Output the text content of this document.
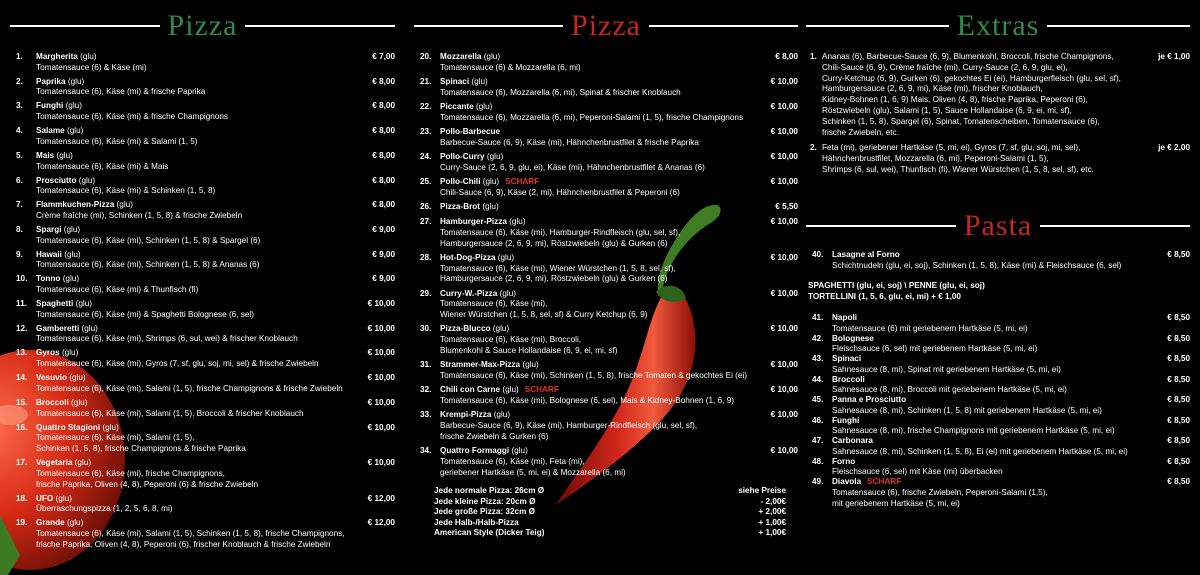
Pizza
1. Margherita (glu)	€ 7,00
Tomatensauce (6) & Käse (mi)
2. Paprika (glu)	€ 8,00
Tomatensauce (6), Käse (mi) & frische Paprika
3. Funghi (glu)	€ 8,00
Tomatensauce (6), Käse (mi) & frische Champignons
4. Salame (glu)	€ 8,00
Tomatensauce (6), Käse (mi) & Salami (1, 5)
5. Mais (glu)	€ 8,00
Tomatensauce (6), Käse (mi) & Mais
6. Prosciutto (glu)	€ 8,00
Tomatensauce (6), Käse (mi) & Schinken (1, 5, 8)
7. Flammkuchen-Pizza (glu)	€ 8,00
Crème fraîche (mi), Schinken (1, 5, 8) & frische Zwiebeln
8. Spargi (glu)	€ 9,00
Tomatensauce (6), Käse (mi), Schinken (1, 5, 8) & Spargel (6)
9. Hawaii (glu)	€ 9,00
Tomatensauce (6), Käse (mi), Schinken (1, 5, 8) & Ananas (6)
10. Tonno (glu)	€ 9,00
Tomatensauce (6), Käse (mi) & Thunfisch (fi)
11. Spaghetti (glu)	€ 10,00
Tomatensauce (6), Käse (mi) & Spaghetti Bolognese (6, sel)
12. Gamberetti (glu)	€ 10,00
Tomatensauce (6), Käse (mi), Shrimps (6, sul, wei) & frischer Knoblauch
13. Gyros (glu)	€ 10,00
Tomatensauce (6), Käse (mi), Gyros (7, sf, glu, soj, mi, sel) & frische Zwiebeln
14. Vesuvio (glu)	€ 10,00
Tomatensauce (6), Käse (mi), Salami (1, 5), frische Champignons & frische Zwiebeln
15. Broccoli (glu)	€ 10,00
Tomatensauce (6), Käse (mi), Salami (1, 5), Broccoli & frischer Knoblauch
16. Quattro Stagioni (glu)	€ 10,00
Tomatensauce (6), Käse (mi), Salami (1, 5),
Schinken (1, 5, 8), frische Champignons & frische Paprika
17. Vegetaria (glu)	€ 10,00
Tomatensauce (6), Käse (mi), frische Champignons,
frische Paprika, Oliven (4, 8), Peperoni (6) & frische Zwiebeln
18. UFO (glu)	€ 12,00
Überraschungspizza (1, 2, 5, 6, 8, mi)
19. Grande (glu)	€ 12,00
Tomatensauce (6), Käse (mi), Salami (1, 5), Schinken (1, 5, 8), frische Champignons,
frische Paprika, Oliven (4, 8), Peperoni (6), frischer Knoblauch & frische Zwiebeln
Pizza
20. Mozzarella (glu)	€ 8,00
Tomatensauce (6) & Mozzarella (6, mi)
21. Spinaci (glu)	€ 10,00
Tomatensauce (6), Mozzarella (6, mi), Spinat & frischer Knoblauch
22. Piccante (glu)	€ 10,00
Tomatensauce (6), Mozzarella (6, mi), Peperoni-Salami (1, 5), frische Champignons
23. Pollo-Barbecue	€ 10,00
Barbecue-Sauce (6, 9), Käse (mi), Hähnchenbrustfilet & frische Paprika
24. Pollo-Curry (glu)	€ 10,00
Curry-Sauce (2, 6, 9, glu, ei), Käse (mi), Hähnchenbrustfilet & Ananas (6)
25. Pollo-Chili (glu) SCHARF	€ 10,00
Chili-Sauce (6, 9), Käse (2, mi), Hähnchenbrustfilet & Peperoni (6)
26. Pizza-Brot (glu)	€ 5,50
27. Hamburger-Pizza (glu)	€ 10,00
Tomatensauce (6), Käse (mi), Hamburger-Rindfleisch (glu, sel, sf),
Hamburgersauce (2, 6, 9, mi), Röstzwiebeln (glu) & Gurken (6)
28. Hot-Dog-Pizza (glu)	€ 10,00
Tomatensauce (6), Käse (mi), Wiener Würstchen (1, 5, 8, sel, sf),
Hamburgersauce (2, 6, 9, mi), Röstzwiebeln (glu) & Gurken (6)
29. Curry-W.-Pizza (glu)	€ 10,00
Tomatensauce (6), Käse (mi),
Wiener Würstchen (1, 5, 8, sel, sf) & Curry Ketchup (6, 9)
30. Pizza-Blucco (glu)	€ 10,00
Tomatensauce (6), Käse (mi), Broccoli,
Blumenkohl & Sauce Hollandaise (6, 9, ei, mi, sf)
31. Strammer-Max-Pizza (glu)	€ 10,00
Tomatensauce (6), Käse (mi), Schinken (1, 5, 8), frische Tomaten & gekochtes Ei (ei)
32. Chili con Carne (glu) SCHARF	€ 10,00
Tomatensauce (6), Käse (mi), Bolognese (6, sel), Mais & Kidney-Bohnen (1, 6, 9)
33. Krempi-Pizza (glu)	€ 10,00
Barbecue-Sauce (6, 9), Käse (mi), Hamburger-Rindfleisch (glu, sel, sf),
frische Zwiebeln & Gurken (6)
34. Quattro Formaggi (glu)	€ 10,00
Tomatensauce (6), Käse (mi), Feta (mi),
geriebener Hartkäse (5, mi, ei) & Mozzarella (6, mi)
Jede normale Pizza: 26cm Ø	siehe Preise
Jede kleine Pizza: 20cm Ø	- 2,00€
Jede große Pizza: 32cm Ø	+ 2,00€
Jede Halb-/Halb-Pizza	+ 1,00€
American Style (Dicker Teig)	+ 1,00€
Extras
1. Ananas (6), Barbecue-Sauce (6, 9), Blumenkohl, Broccoli, frische Champignons,
Chili-Sauce (6, 9), Crème fraîche (mi), Curry-Sauce (2, 6, 9, glu, ei),
Curry-Ketchup (6, 9), Gurken (6), gekochtes Ei (ei), Hamburgerfleisch (glu, sel, sf),
Hamburgersauce (2, 6, 9, mi), Käse (mi), frischer Knoblauch,
Kidney-Bohnen (1, 6, 9) Mais, Oliven (4, 8), frische Paprika, Peperoni (6),
Röstzwiebeln (glu), Salami (1, 5), Sauce Hollandaise (6, 9, ei, mi, sf),
Schinken (1, 5, 8), Spargel (6), Spinat, Tomatenscheiben, Tomatensauce (6),
frische Zwiebeln, etc.
je € 1,00
2. Feta (mi), geriebener Hartkäse (5, mi, ei), Gyros (7, sf, glu, soj, mi, sel),
Hähnchenbrustfilet, Mozzarella (6, mi), Peperoni-Salami (1, 5),
Shrimps (6, sul, wei), Thunfisch (fi), Wiener Würstchen (1, 5, 8, sel, sf), etc.
je € 2,00
Pasta
40. Lasagne al Forno	€ 8,50
Schichtnudeln (glu, ei, soj), Schinken (1, 5, 8), Käse (mi) & Fleischsauce (6, sel)
SPAGHETTI (glu, ei, soj) \ PENNE (glu, ei, soj)
TORTELLINI (1, 5, 6, glu, ei, mi) + € 1,00
41. Napoli	€ 8,50
Tomatensauce (6) mit geriebenem Hartkäse (5, mi, ei)
42. Bolognese	€ 8,50
Fleischsauce (6, sel) mit geriebenem Hartkäse (5, mi, ei)
43. Spinaci	€ 8,50
Sahnesauce (8, mi), Spinat mit geriebenem Hartkäse (5, mi, ei)
44. Broccoli	€ 8,50
Sahnesauce (8, mi), Broccoli mit geriebenem Hartkäse (5, mi, ei)
45. Panna e Prosciutto	€ 8,50
Sahnesauce (8, mi), Schinken (1, 5, 8) mit geriebenem Hartkäse (5, mi, ei)
46. Funghi	€ 8,50
Sahnesauce (8, mi), frische Champignons mit geriebenem Hartkäse (5, mi, ei)
47. Carbonara	€ 8,50
Sahnesauce (8, mi), Schinken (1, 5, 8), Ei (ei) mit geriebenem Hartkäse (5, mi, ei)
48. Forno	€ 8,50
Fleischsauce (6, sel) mit Käse (mi) überbacken
49. Diavola SCHARF	€ 8,50
Tomatensauce (6), frische Zwiebeln, Peperoni-Salami (1,5),
mit geriebenem Hartkäse (5, mi, ei)
